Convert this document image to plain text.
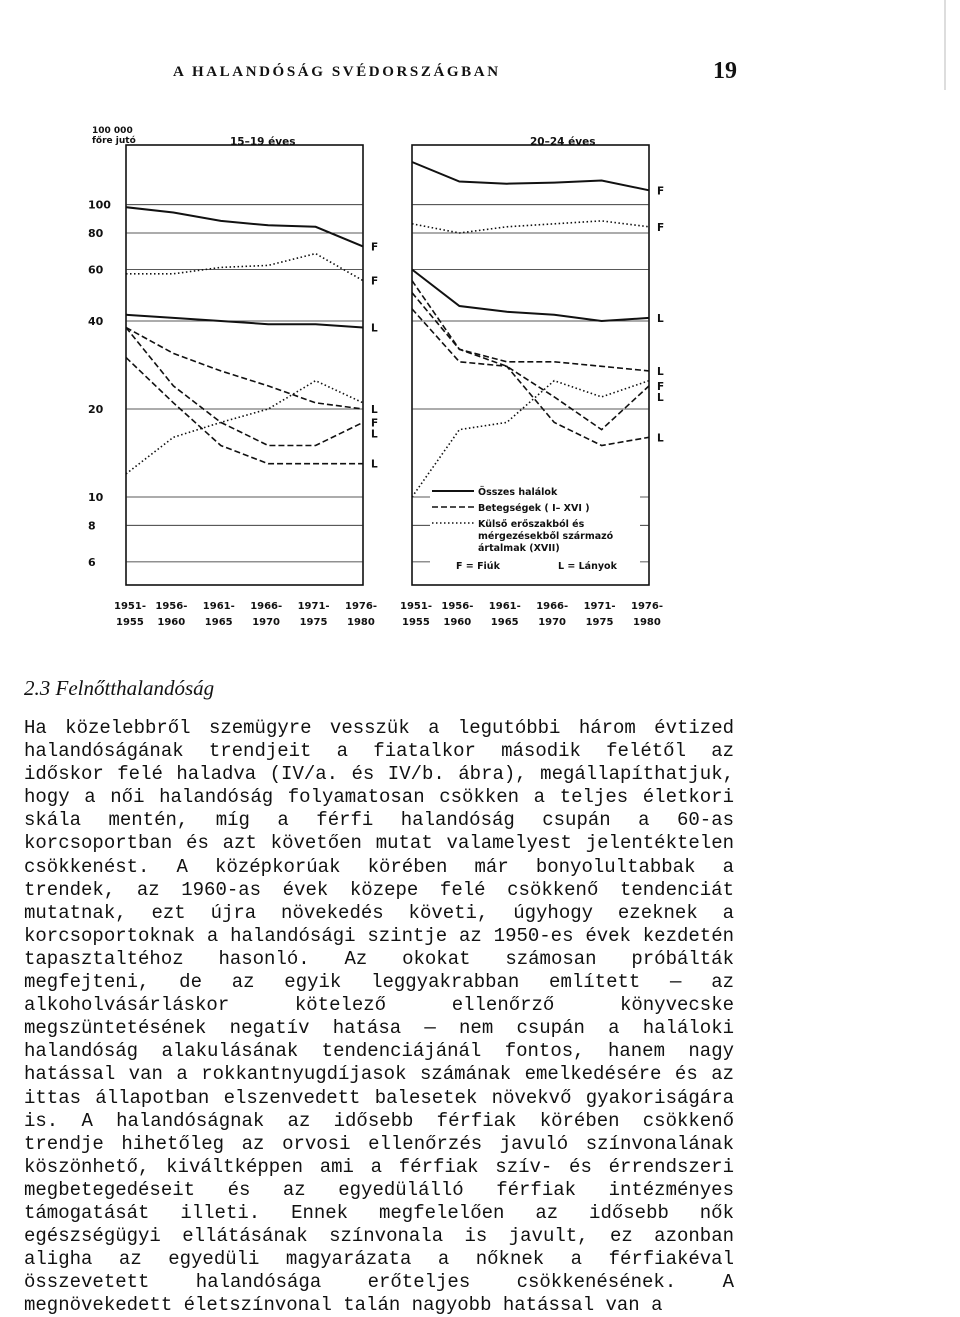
A HALANDÓSÁG SVÉDORSZÁGBAN	19
100 000
főre jutó	15–19 éves
6
8
10
20
40
60
80
100
1951-
1955
1956-
1960
1961-
1965
1966-
1970
1971-
1975
1976-
1980
F
F
L
L
F
L
L
20–24 éves
1951-
1955
1956-
1960
1961-
1965
1966-
1970
1971-
1975
1976-
1980
F
F
L
L
F
L
L
Összes halálok
Betegségek ( I– XVI )
Külső erőszakból és
mérgezésekből származó
ártalmak (XVII)
F = Fiúk	L = Lányok
2.3 Felnőtthalandóság

Ha közelebbről szemügyre vesszük a legutóbbi három évtized halandóságának trendjeit a fiatalkor második felétől az időskor felé haladva (IV/a. és IV/b. ábra), megállapíthatjuk, hogy a női halandóság folyamatosan csökken a teljes életkori skála mentén, míg a férfi halandóság csupán a 60-as korcsoportban és azt követően mutat valamelyest jelentéktelen csökkenést. A középkorúak körében már bonyolultabbak a trendek, az 1960-as évek közepe felé csökkenő tendenciát mutatnak, ezt újra növekedés követi, úgyhogy ezeknek a korcsoportoknak a halandósági szintje az 1950-es évek kezdetén tapasztaltéhoz hasonló. Az okokat számosan próbálták megfejteni, de az egyik leggyakrabban említett — az alkoholvásárláskor kötelező ellenőrző könyvecske megszüntetésének negatív hatása — nem csupán a haláloki halandóság alakulásának tendenciájánál fontos, hanem nagy hatással van a rokkantnyugdíjasok számának emelkedésére és az ittas állapotban elszenvedett balesetek növekvő gyakoriságára is. A halandóságnak az idősebb férfiak körében csökkenő trendje hihetőleg az orvosi ellenőrzés javuló színvonalának köszönhető, kiváltképpen ami a férfiak szív- és érrendszeri megbetegedéseit és az egyedülálló férfiak intézményes támogatását illeti. Ennek megfelelően az idősebb nők egészségügyi ellátásának színvonala is javult, ez azonban aligha az egyedüli magyarázata a nőknek a férfiakéval összevetett halandósága erőteljes csökkenésének. A megnövekedett életszínvonal talán nagyobb hatással van a
